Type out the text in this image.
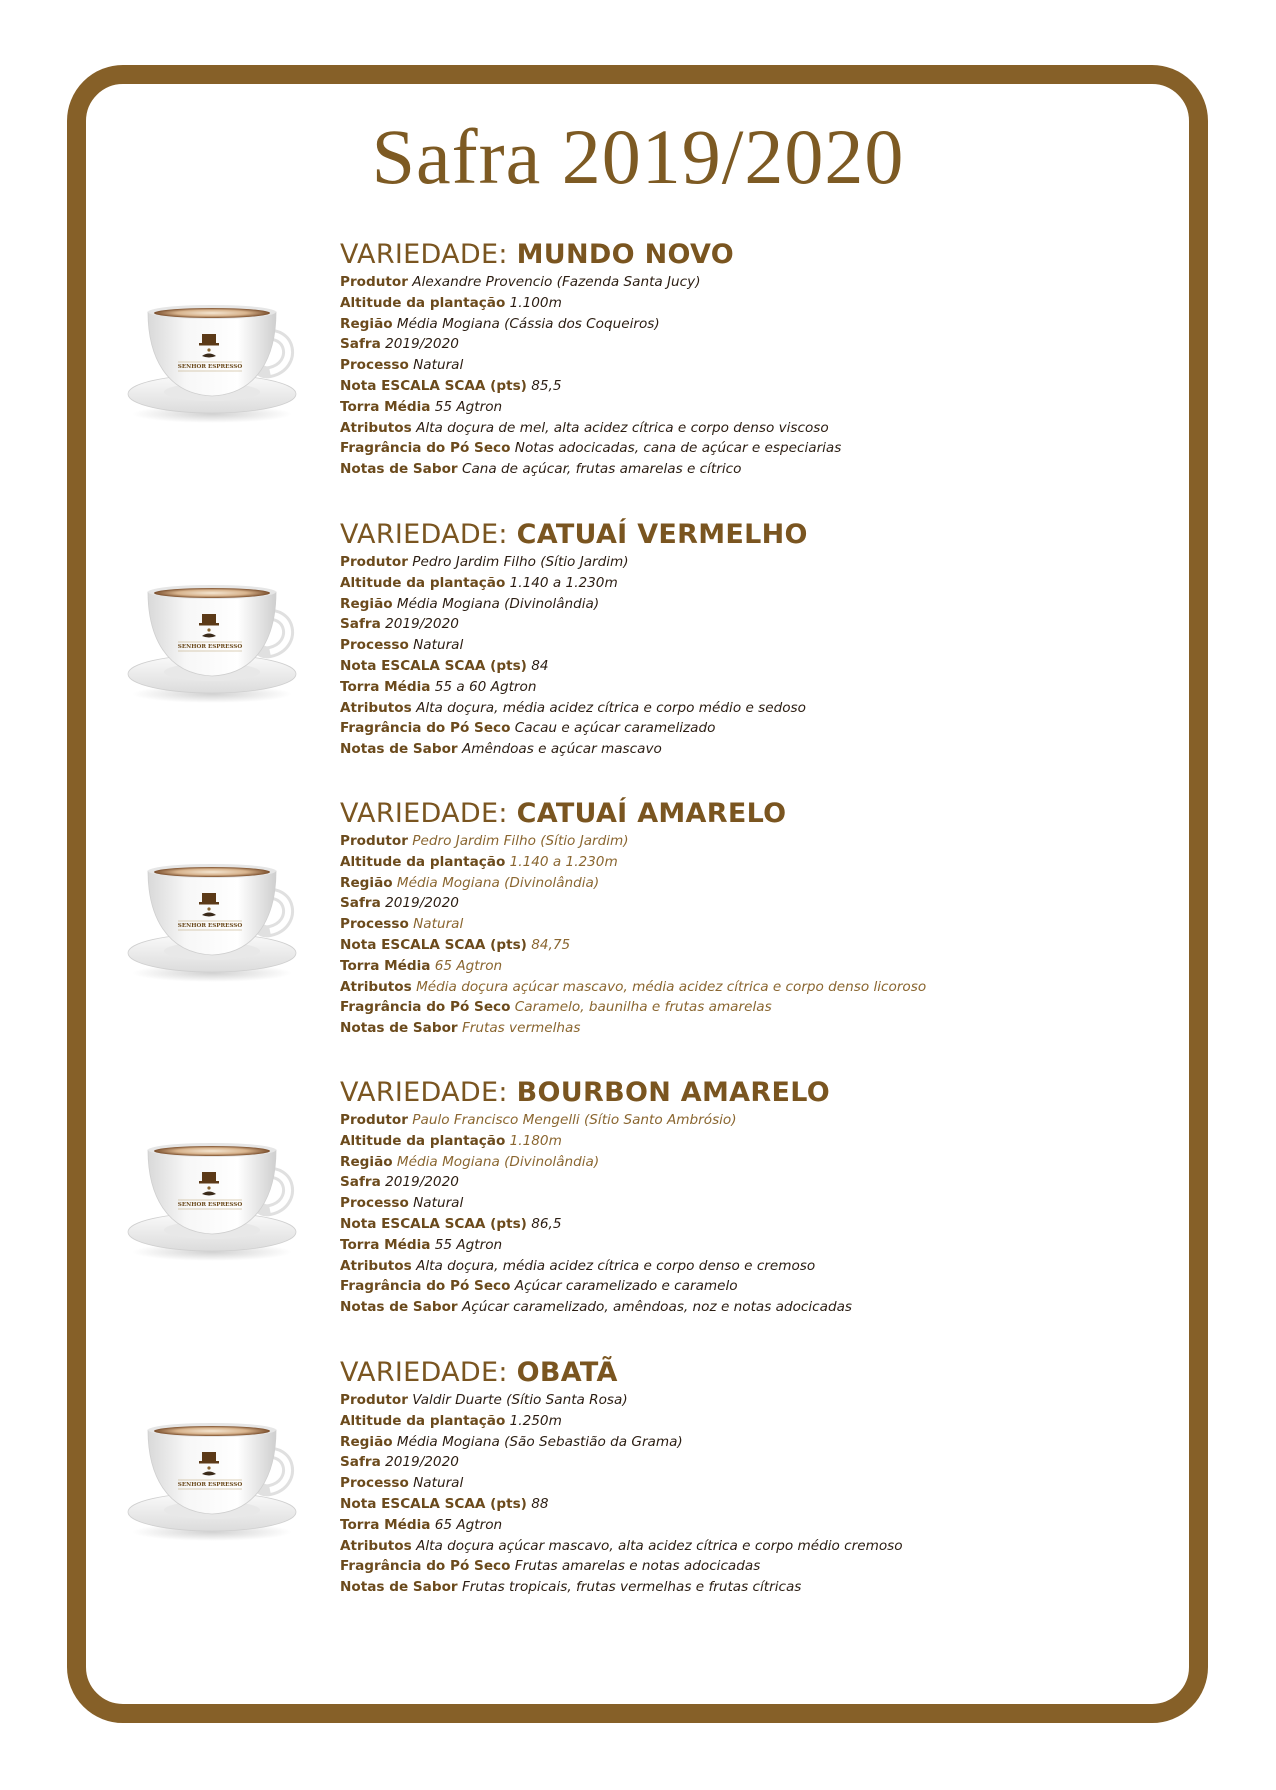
Safra 2019/2020
SENHOR ESPRESSO
VARIEDADE: MUNDO NOVO
Produtor Alexandre Provencio (Fazenda Santa Jucy)
Altitude da plantação 1.100m
Região Média Mogiana (Cássia dos Coqueiros)
Safra 2019/2020
Processo Natural
Nota ESCALA SCAA (pts) 85,5
Torra Média 55 Agtron
Atributos Alta doçura de mel, alta acidez cítrica e corpo denso viscoso
Fragrância do Pó Seco Notas adocicadas, cana de açúcar e especiarias
Notas de Sabor Cana de açúcar, frutas amarelas e cítrico
SENHOR ESPRESSO
VARIEDADE: CATUAÍ VERMELHO
Produtor Pedro Jardim Filho (Sítio Jardim)
Altitude da plantação 1.140 a 1.230m
Região Média Mogiana (Divinolândia)
Safra 2019/2020
Processo Natural
Nota ESCALA SCAA (pts) 84
Torra Média 55 a 60 Agtron
Atributos Alta doçura, média acidez cítrica e corpo médio e sedoso
Fragrância do Pó Seco Cacau e açúcar caramelizado
Notas de Sabor Amêndoas e açúcar mascavo
SENHOR ESPRESSO
VARIEDADE: CATUAÍ AMARELO
Produtor Pedro Jardim Filho (Sítio Jardim)
Altitude da plantação 1.140 a 1.230m
Região Média Mogiana (Divinolândia)
Safra 2019/2020
Processo Natural
Nota ESCALA SCAA (pts) 84,75
Torra Média 65 Agtron
Atributos Média doçura açúcar mascavo, média acidez cítrica e corpo denso licoroso
Fragrância do Pó Seco Caramelo, baunilha e frutas amarelas
Notas de Sabor Frutas vermelhas
SENHOR ESPRESSO
VARIEDADE: BOURBON AMARELO
Produtor Paulo Francisco Mengelli (Sítio Santo Ambrósio)
Altitude da plantação 1.180m
Região Média Mogiana (Divinolândia)
Safra 2019/2020
Processo Natural
Nota ESCALA SCAA (pts) 86,5
Torra Média 55 Agtron
Atributos Alta doçura, média acidez cítrica e corpo denso e cremoso
Fragrância do Pó Seco Açúcar caramelizado e caramelo
Notas de Sabor Açúcar caramelizado, amêndoas, noz e notas adocicadas
SENHOR ESPRESSO
VARIEDADE: OBATÃ
Produtor Valdir Duarte (Sítio Santa Rosa)
Altitude da plantação 1.250m
Região Média Mogiana (São Sebastião da Grama)
Safra 2019/2020
Processo Natural
Nota ESCALA SCAA (pts) 88
Torra Média 65 Agtron
Atributos Alta doçura açúcar mascavo, alta acidez cítrica e corpo médio cremoso
Fragrância do Pó Seco Frutas amarelas e notas adocicadas
Notas de Sabor Frutas tropicais, frutas vermelhas e frutas cítricas
